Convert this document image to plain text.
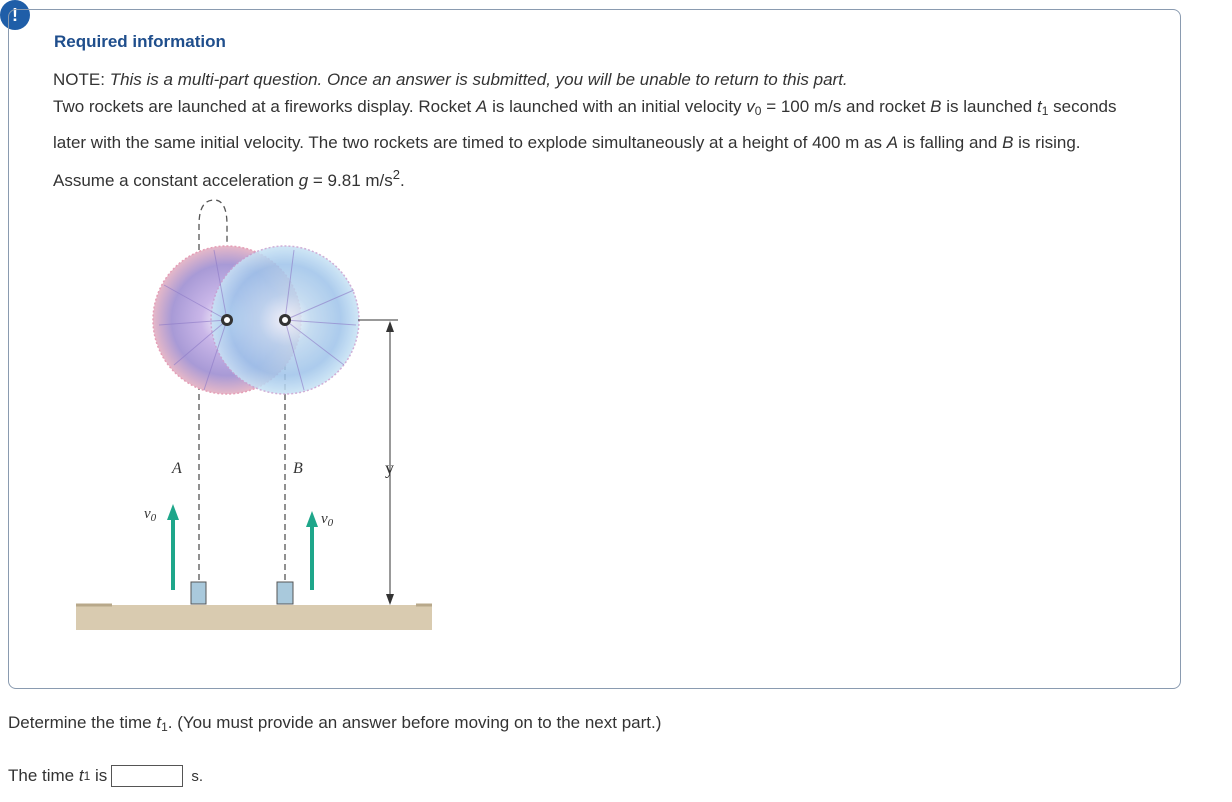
!
Required information
NOTE: This is a multi-part question. Once an answer is submitted, you will be unable to return to this part.
Two rockets are launched at a fireworks display. Rocket A is launched with an initial velocity $v_0 = 100$ m/s and rocket B is launched $t_1$ seconds later with the same initial velocity. The two rockets are timed to explode simultaneously at a height of 400 m as A is falling and B is rising. Assume a constant acceleration g = 9.81 $m/s^2$.
A	B	y
$v_0$	$v_0$
Determine the time $t_1$. (You must provide an answer before moving on to the next part.)
The time
t 1
is	s.
